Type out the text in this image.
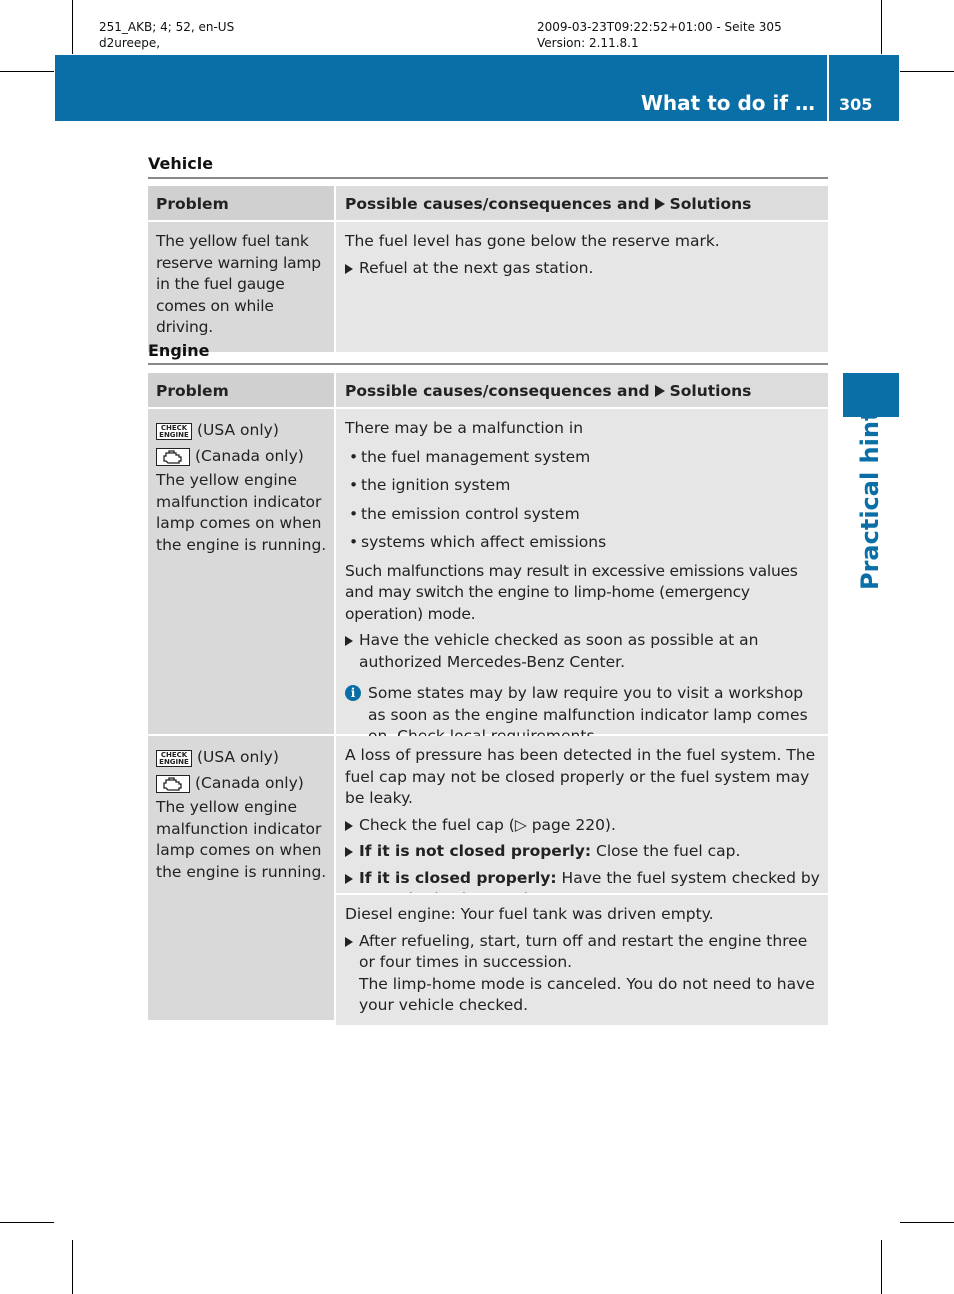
251_AKB; 4; 52, en-US
d2ureepe,
2009-03-23T09:22:52+01:00 - Seite 305
Version: 2.11.8.1
What to do if … 305
Practical hints
Vehicle
Problem	Possible causes/consequences and Solutions
The yellow fuel tank reserve warning lamp in the fuel gauge comes on while driving.
The fuel level has gone below the reserve mark.
Refuel at the next gas station.
Engine
Problem	Possible causes/consequences and Solutions
CHECK ENGINE (USA only)
(Canada only)
The yellow engine malfunction indicator lamp comes on when the engine is running.
There may be a malfunction in
• the fuel management system
• the ignition system
• the emission control system
• systems which affect emissions
Such malfunctions may result in excessive emissions values and may switch the engine to limp-home (emergency operation) mode.
Have the vehicle checked as soon as possible at an authorized Mercedes-Benz Center.
i Some states may by law require you to visit a workshop as soon as the engine malfunction indicator lamp comes
CHECK ENGINE (USA only)
(Canada only)
The yellow engine malfunction indicator lamp comes on when the engine is running.
A loss of pressure has been detected in the fuel system. The fuel cap may not be closed properly or the fuel system may be leaky.
Check the fuel cap (▷ page 220).
If it is not closed properly: Close the fuel cap.
If it is closed properly: Have the fuel system checked by
Diesel engine: Your fuel tank was driven empty.
After refueling, start, turn off and restart the engine three or four times in succession.
The limp-home mode is canceled. You do not need to have your vehicle checked.
